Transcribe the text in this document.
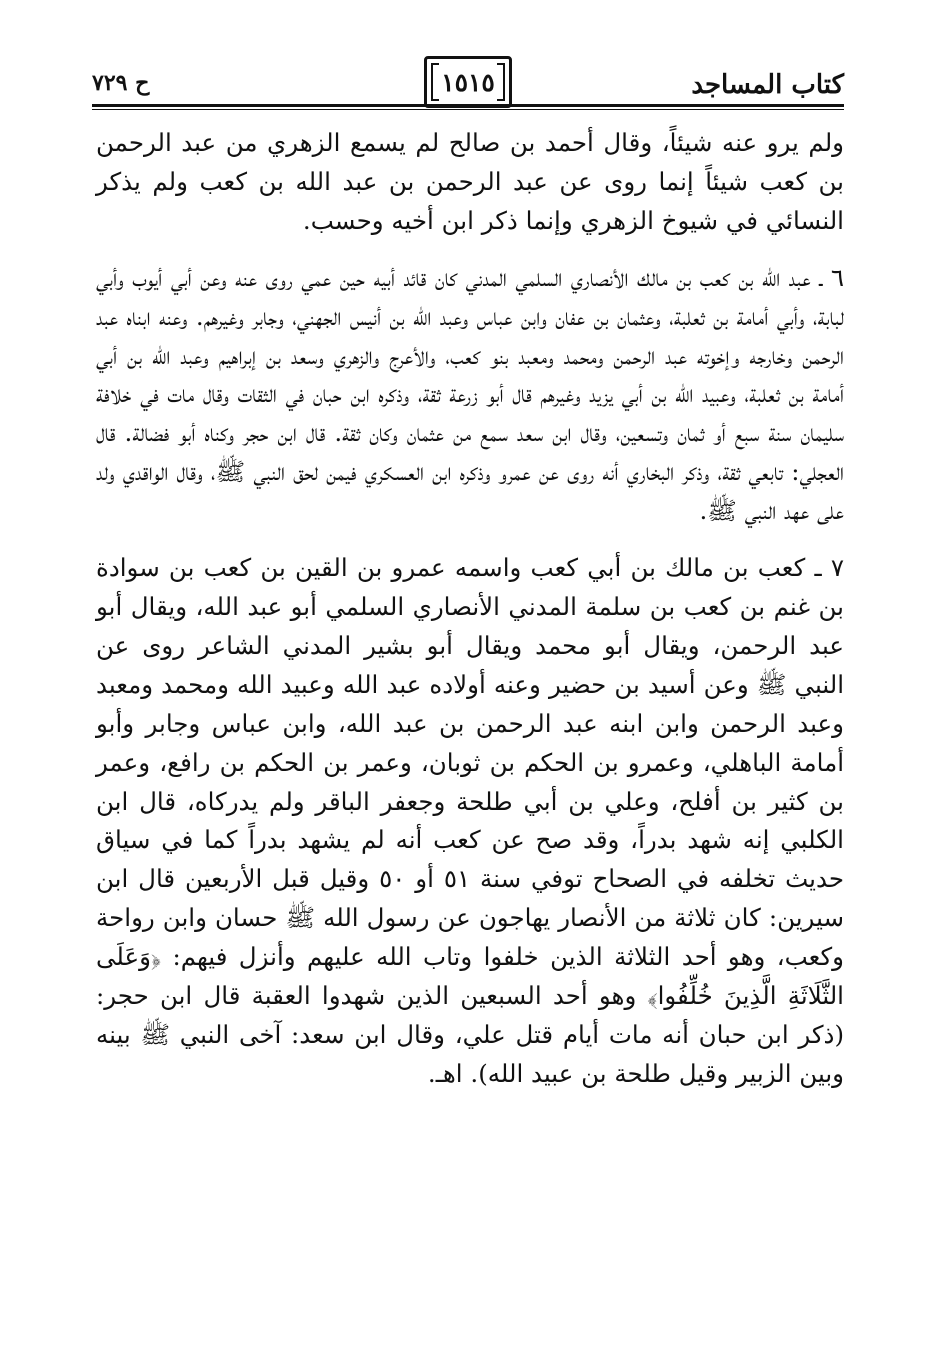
كتاب المساجد
١٥١٥
ح ٧٢٩

ولم يرو عنه شيئاً، وقال أحمد بن صالح لم يسمع الزهري من عبد الرحمن بن كعب شيئاً إنما روى عن عبد الرحمن بن عبد الله بن كعب ولم يذكر النسائي في شيوخ الزهري وإنما ذكر ابن أخيه وحسب.

٦ ـ عبد الله بن كعب بن مالك الأنصاري السلمي المدني كان قائد أبيه حين عمي روى عنه وعن أبي أيوب وأبي لبابة، وأبي أمامة بن ثعلبة، وعثمان بن عفان وابن عباس وعبد الله بن أنيس الجهني، وجابر وغيرهم. وعنه ابناه عبد الرحمن وخارجه وإخوته عبد الرحمن ومحمد ومعبد بنو كعب، والأعرج والزهري وسعد بن إبراهيم وعبد الله بن أبي أمامة بن ثعلبة، وعبيد الله بن أبي يزيد وغيرهم قال أبو زرعة ثقة، وذكره ابن حبان في الثقات وقال مات في خلافة سليمان سنة سبع أو ثمان وتسعين، وقال ابن سعد سمع من عثمان وكان ثقة. قال ابن حجر وكناه أبو فضالة. قال العجلي: تابعي ثقة، وذكر البخاري أنه روى عن عمرو وذكره ابن العسكري فيمن لحق النبي ﷺ، وقال الواقدي ولد على عهد النبي ﷺ.

٧ ـ كعب بن مالك بن أبي كعب واسمه عمرو بن القين بن كعب بن سوادة بن غنم بن كعب بن سلمة المدني الأنصاري السلمي أبو عبد الله، ويقال أبو عبد الرحمن، ويقال أبو محمد ويقال أبو بشير المدني الشاعر روى عن النبي ﷺ وعن أسيد بن حضير وعنه أولاده عبد الله وعبيد الله ومحمد ومعبد وعبد الرحمن وابن ابنه عبد الرحمن بن عبد الله، وابن عباس وجابر وأبو أمامة الباهلي، وعمرو بن الحكم بن ثوبان، وعمر بن الحكم بن رافع، وعمر بن كثير بن أفلح، وعلي بن أبي طلحة وجعفر الباقر ولم يدركاه، قال ابن الكلبي إنه شهد بدراً، وقد صح عن كعب أنه لم يشهد بدراً كما في سياق حديث تخلفه في الصحاح توفي سنة ٥١ أو ٥٠ وقيل قبل الأربعين قال ابن سيرين: كان ثلاثة من الأنصار يهاجون عن رسول الله ﷺ حسان وابن رواحة وكعب، وهو أحد الثلاثة الذين خلفوا وتاب الله عليهم وأنزل فيهم: ﴿وَعَلَى الثَّلَاثَةِ الَّذِينَ خُلِّفُوا﴾ وهو أحد السبعين الذين شهدوا العقبة قال ابن حجر: (ذكر ابن حبان أنه مات أيام قتل علي، وقال ابن سعد: آخى النبي ﷺ بينه وبين الزبير وقيل طلحة بن عبيد الله). اهـ.
